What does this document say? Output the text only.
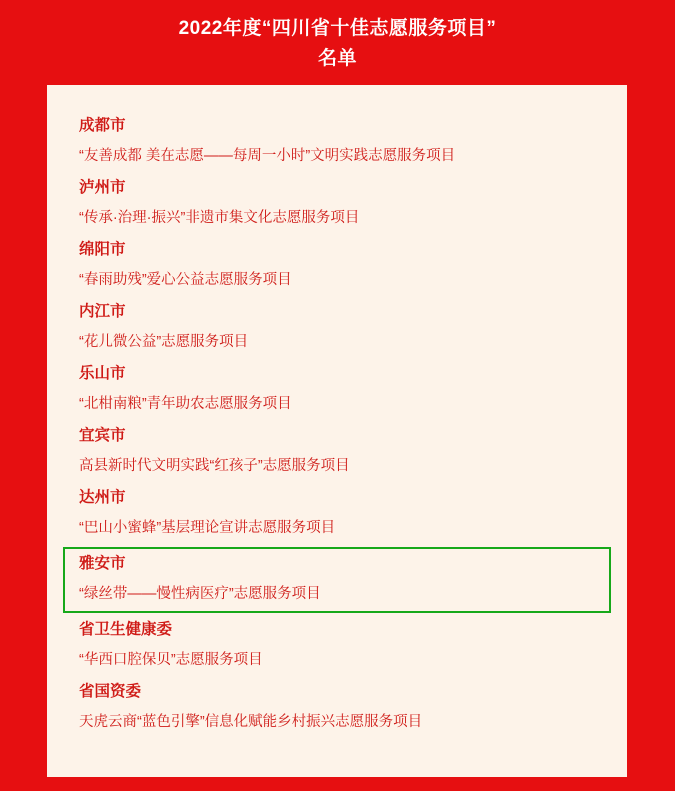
2022年度“四川省十佳志愿服务项目”
名单
成都市
“友善成都 美在志愿——每周一小时”文明实践志愿服务项目
泸州市
“传承·治理·振兴”非遗市集文化志愿服务项目
绵阳市
“春雨助残”爱心公益志愿服务项目
内江市
“花儿微公益”志愿服务项目
乐山市
“北柑南粮”青年助农志愿服务项目
宜宾市
高县新时代文明实践“红孩子”志愿服务项目
达州市
“巴山小蜜蜂”基层理论宣讲志愿服务项目
雅安市
“绿丝带——慢性病医疗”志愿服务项目
省卫生健康委
“华西口腔保贝”志愿服务项目
省国资委
天虎云商“蓝色引擎”信息化赋能乡村振兴志愿服务项目
